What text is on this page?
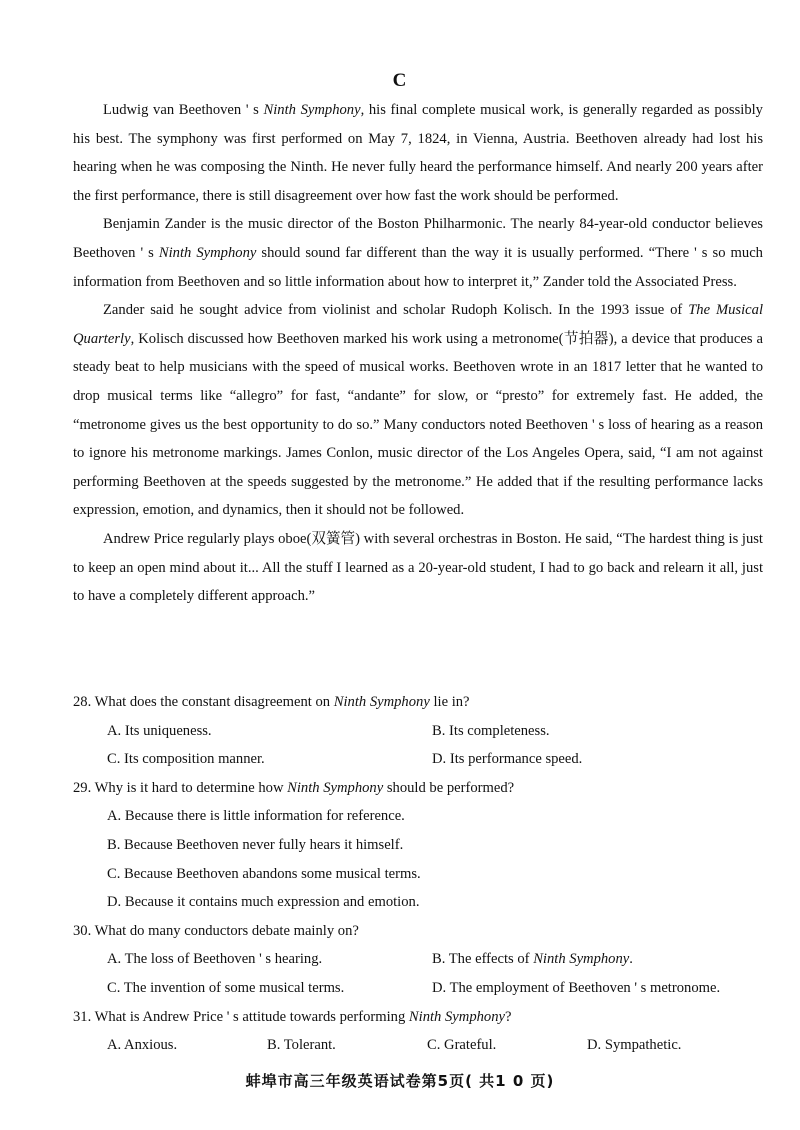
C

Ludwig van Beethoven ' s Ninth Symphony, his final complete musical work, is generally regarded as possibly his best. The symphony was first performed on May 7, 1824, in Vienna, Austria. Beethoven already had lost his hearing when he was composing the Ninth. He never fully heard the performance himself. And nearly 200 years after the first performance, there is still disagreement over how fast the work should be performed.

Benjamin Zander is the music director of the Boston Philharmonic. The nearly 84-year-old conductor believes Beethoven ' s Ninth Symphony should sound far different than the way it is usually performed. “There ' s so much information from Beethoven and so little information about how to interpret it,” Zander told the Associated Press.

Zander said he sought advice from violinist and scholar Rudoph Kolisch. In the 1993 issue of The Musical Quarterly, Kolisch discussed how Beethoven marked his work using a metronome(节拍器), a device that produces a steady beat to help musicians with the speed of musical works. Beethoven wrote in an 1817 letter that he wanted to drop musical terms like “allegro” for fast, “andante” for slow, or “presto” for extremely fast. He added, the “metronome gives us the best opportunity to do so.” Many conductors noted Beethoven ' s loss of hearing as a reason to ignore his metronome markings. James Conlon, music director of the Los Angeles Opera, said, “I am not against performing Beethoven at the speeds suggested by the metronome.” He added that if the resulting performance lacks expression, emotion, and dynamics, then it should not be followed.

Andrew Price regularly plays oboe(双簧管) with several orchestras in Boston. He said, “The hardest thing is just to keep an open mind about it... All the stuff I learned as a 20-year-old student, I had to go back and relearn it all, just to have a completely different approach.”

28. What does the constant disagreement on Ninth Symphony lie in?

A. Its uniqueness.	B. Its completeness.

C. Its composition manner.	D. Its performance speed.

29. Why is it hard to determine how Ninth Symphony should be performed?

A. Because there is little information for reference.

B. Because Beethoven never fully hears it himself.

C. Because Beethoven abandons some musical terms.

D. Because it contains much expression and emotion.

30. What do many conductors debate mainly on?

A. The loss of Beethoven ' s hearing.	B. The effects of Ninth Symphony.

C. The invention of some musical terms.	D. The employment of Beethoven ' s metronome.

31. What is Andrew Price ' s attitude towards performing Ninth Symphony?

A. Anxious.	B. Tolerant.	C. Grateful.	D. Sympathetic.

蚌埠市高三年级英语试卷第5页( 共1 0 页)
